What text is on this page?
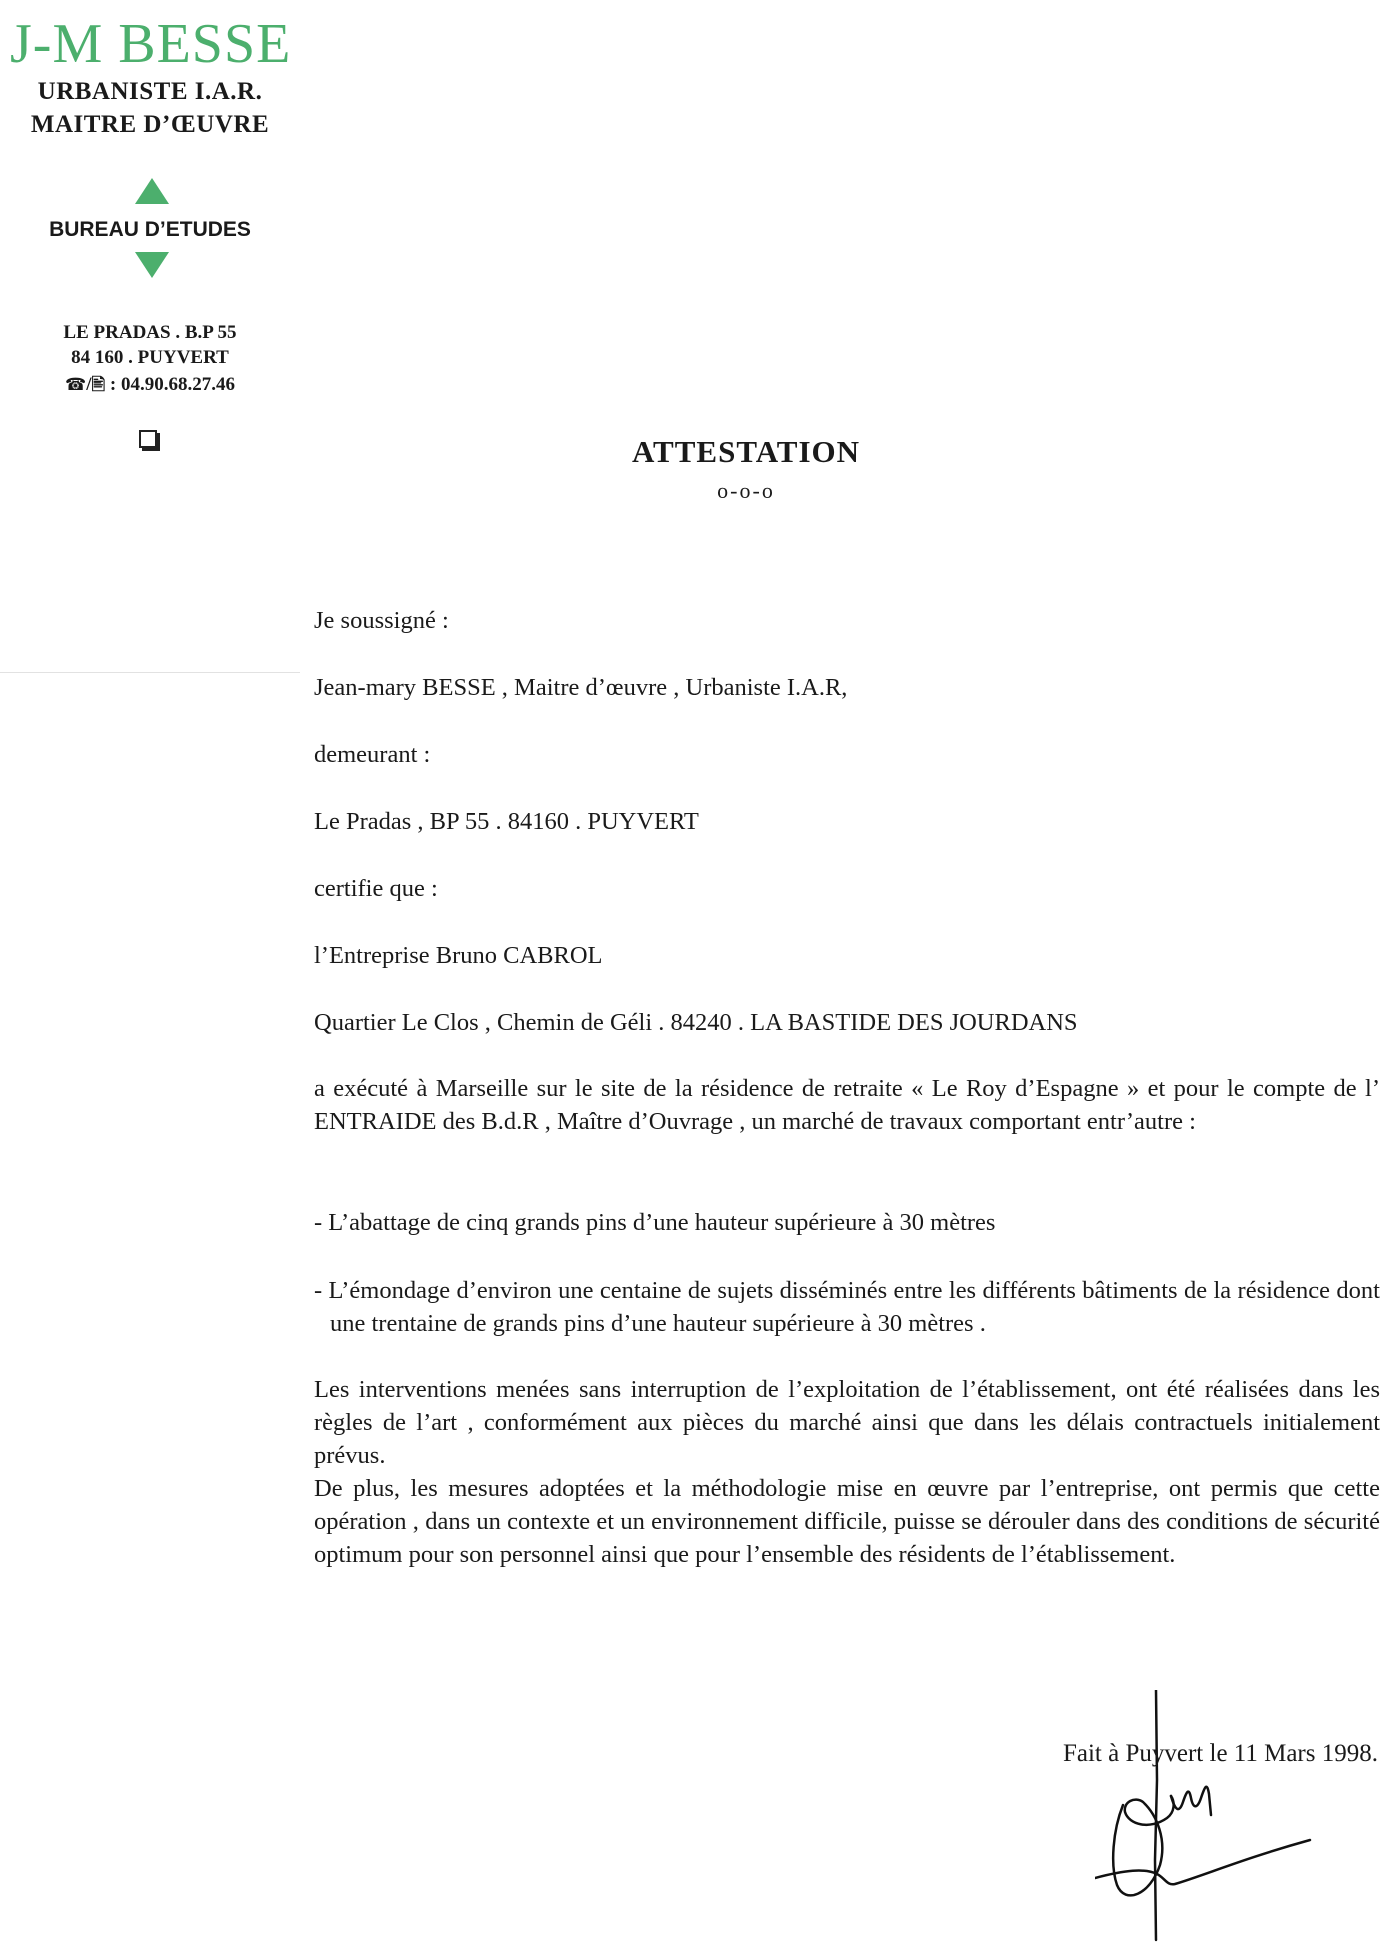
J-M BESSE
URBANISTE I.A.R.
MAITRE D’ŒUVRE
BUREAU D’ETUDES
LE PRADAS . B.P 55
84 160 . PUYVERT
☎/🖹 : 04.90.68.27.46
ATTESTATION
o-o-o
Je soussigné :
Jean-mary BESSE , Maitre d’œuvre , Urbaniste I.A.R,
demeurant :
Le Pradas , BP 55 . 84160 . PUYVERT
certifie que :
l’Entreprise Bruno CABROL
Quartier Le Clos , Chemin de Géli . 84240 . LA BASTIDE DES JOURDANS
a exécuté à Marseille sur le site de la résidence de retraite « Le Roy d’Espagne » et pour le compte de l’ ENTRAIDE des B.d.R , Maître d’Ouvrage , un marché de travaux comportant entr’autre :
- L’abattage de cinq grands pins d’une hauteur supérieure à 30 mètres
- L’émondage d’environ une centaine de sujets disséminés entre les différents bâtiments de la résidence dont une trentaine de grands pins d’une hauteur supérieure à 30 mètres .
Les interventions menées sans interruption de l’exploitation de l’établissement, ont été réalisées dans les règles de l’art , conformément aux pièces du marché ainsi que dans les délais contractuels initialement prévus.
De plus, les mesures adoptées et la méthodologie mise en œuvre par l’entreprise, ont permis que cette opération , dans un contexte et un environnement difficile, puisse se dérouler dans des conditions de sécurité optimum pour son personnel ainsi que pour l’ensemble des résidents de l’établissement.
Fait à Puyvert le 11 Mars 1998.
